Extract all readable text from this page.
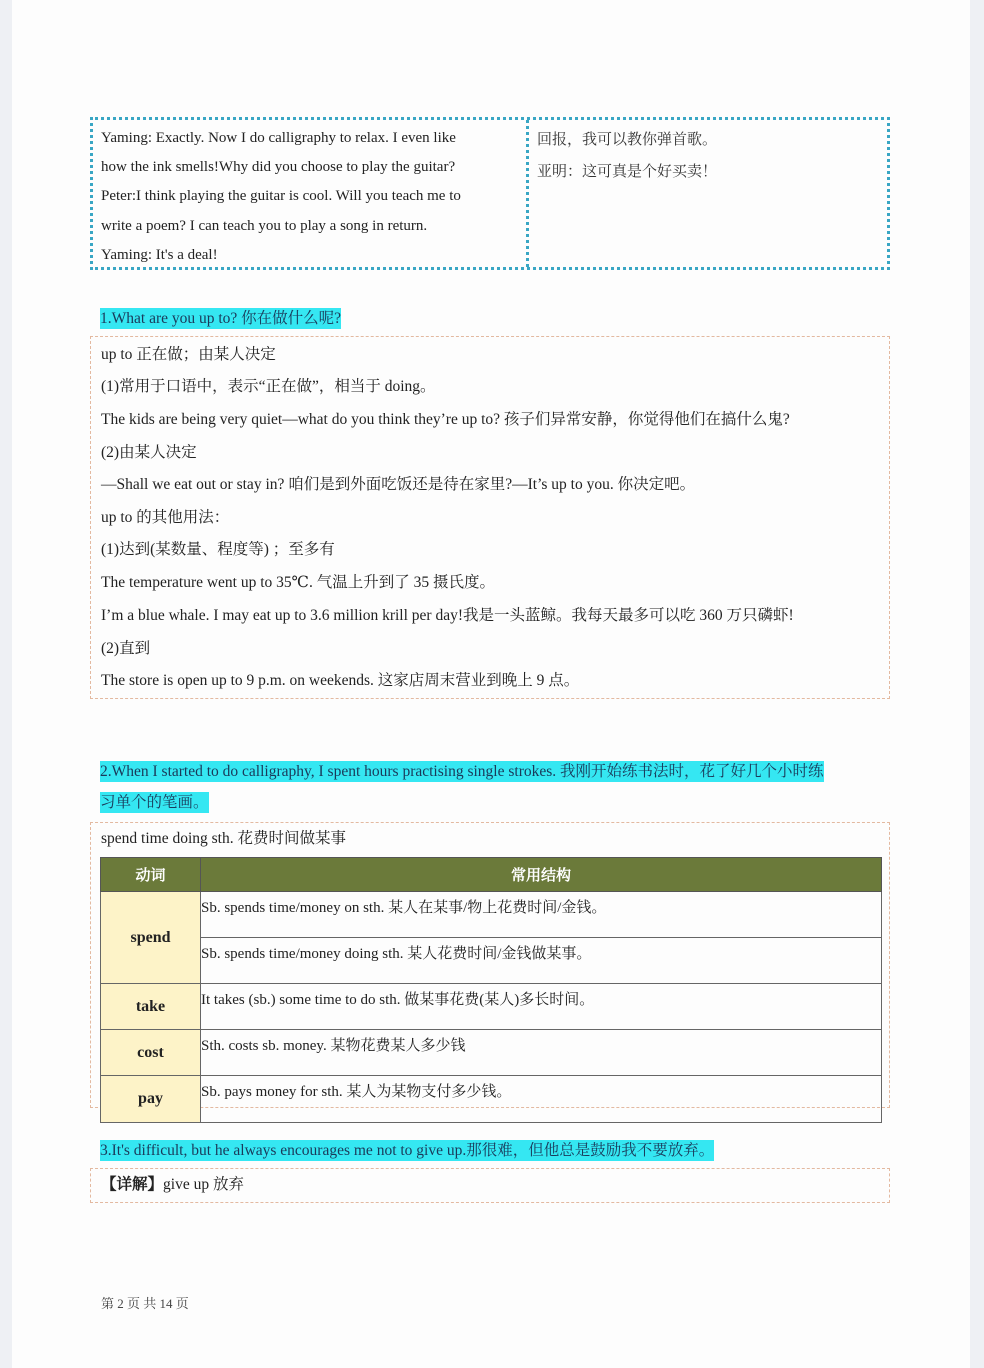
Yaming: Exactly. Now I do calligraphy to relax. I even like
how the ink smells!Why did you choose to play the guitar?
Peter:I think playing the guitar is cool. Will you teach me to
write a poem? I can teach you to play a song in return.
Yaming: It's a deal!
回报，我可以教你弹首歌。
亚明：这可真是个好买卖！
1.What are you up to? 你在做什么呢?
up to 正在做；由某人决定
(1)常用于口语中，表示“正在做”，相当于 doing。
The kids are being very quiet—what do you think they’re up to? 孩子们异常安静，你觉得他们在搞什么鬼?
(2)由某人决定
—Shall we eat out or stay in? 咱们是到外面吃饭还是待在家里?—It’s up to you. 你决定吧。
up to 的其他用法：
(1)达到(某数量、程度等) ；至多有
The temperature went up to 35℃. 气温上升到了 35 摄氏度。
I’m a blue whale. I may eat up to 3.6 million krill per day!我是一头蓝鲸。我每天最多可以吃 360 万只磷虾!
(2)直到
The store is open up to 9 p.m. on weekends. 这家店周末营业到晚上 9 点。
2.When I started to do calligraphy, I spent hours practising single strokes. 我刚开始练书法时，花了好几个小时练
习单个的笔画。
spend time doing sth. 花费时间做某事
动词	常用结构
spend	Sb. spends time/money on sth. 某人在某事/物上花费时间/金钱。
	Sb. spends time/money doing sth. 某人花费时间/金钱做某事。
take	It takes (sb.) some time to do sth. 做某事花费(某人)多长时间。
cost	Sth. costs sb. money. 某物花费某人多少钱
pay	Sb. pays money for sth. 某人为某物支付多少钱。
3.It's difficult, but he always encourages me not to give up.那很难，但他总是鼓励我不要放弃。
【详解】give up 放弃
第 2 页 共 14 页
